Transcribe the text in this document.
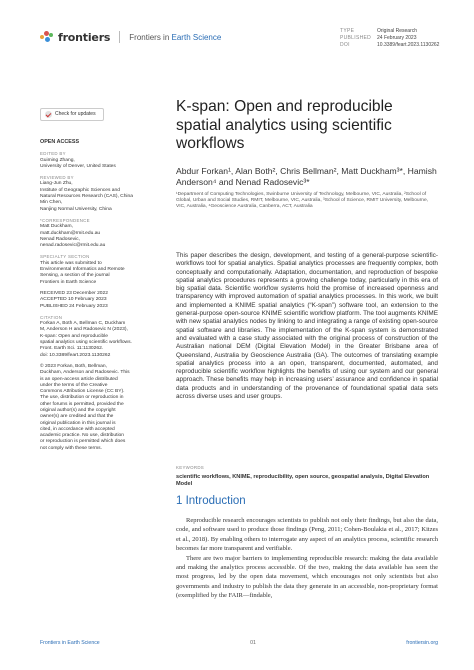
frontiers Frontiers in Earth Science
TYPE	Original Research
PUBLISHED	24 February 2023
DOI	10.3389/feart.2023.1130262
Check for updates
OPEN ACCESS
EDITED BY
Guiming Zhang,
University of Denver, United States
REVIEWED BY
Liang-Jun Zhu,
Institute of Geographic Sciences and
Natural Resources Research (CAS), China
Min Chen,
Nanjing Normal University, China
*CORRESPONDENCE
Matt Duckham,
matt.duckham@rmit.edu.au
Nenad Radosevic,
nenad.radosevic@rmit.edu.au
SPECIALTY SECTION
This article was submitted to
Environmental Informatics and Remote
Sensing, a section of the journal
Frontiers in Earth Science
RECEIVED 23 December 2022
ACCEPTED 10 February 2023
PUBLISHED 24 February 2023
CITATION
Forkan A, Both A, Bellman C, Duckham
M, Anderson H and Radosevic N (2023),
K-span: Open and reproducible
spatial analytics using scientific workflows.
Front. Earth Sci. 11:1130262.
doi: 10.3389/feart.2023.1130262
© 2023 Forkan, Both, Bellman,
Duckham, Anderson and Radosevic. This
is an open-access article distributed
under the terms of the Creative
Commons Attribution License (CC BY).
The use, distribution or reproduction in
other forums is permitted, provided the
original author(s) and the copyright
owner(s) are credited and that the
original publication in this journal is
cited, in accordance with accepted
academic practice. No use, distribution
or reproduction is permitted which does
not comply with these terms.
K-span: Open and reproducible spatial analytics using scientific workflows
Abdur Forkan¹, Alan Both², Chris Bellman², Matt Duckham³*, Hamish Anderson⁴ and Nenad Radosevic³*
¹Department of Computing Technologies, Swinburne University of Technology, Melbourne, VIC, Australia, ²School of Global, Urban and Social Studies, RMIT, Melbourne, VIC, Australia, ³School of Science, RMIT University, Melbourne, VIC, Australia, ⁴Geoscience Australia, Canberra, ACT, Australia
This paper describes the design, development, and testing of a general-purpose scientific-workflows tool for spatial analytics. Spatial analytics processes are frequently complex, both conceptually and computationally. Adaptation, documentation, and reproduction of bespoke spatial analytics procedures represents a growing challenge today, particularly in this era of big spatial data. Scientific workflow systems hold the promise of increased openness and transparency with improved automation of spatial analytics processes. In this work, we built and implemented a KNIME spatial analytics (“K-span”) software tool, an extension to the general-purpose open-source KNIME scientific workflow platform. The tool augments KNIME with new spatial analytics nodes by linking to and integrating a range of existing open-source spatial software and libraries. The implementation of the K-span system is demonstrated and evaluated with a case study associated with the original process of construction of the Australian national DEM (Digital Elevation Model) in the Greater Brisbane area of Queensland, Australia by Geoscience Australia (GA). The outcomes of translating example spatial analytics process into a an open, transparent, documented, automated, and reproducible scientific workflow highlights the benefits of using our system and our general approach. These benefits may help in increasing users’ assurance and confidence in spatial data products and in understanding of the provenance of foundational spatial data sets across diverse uses and user groups.
KEYWORDS
scientific workflows, KNIME, reproducibility, open source, geospatial analysis, Digital Elevation Model
1 Introduction

Reproducible research encourages scientists to publish not only their findings, but also the data, code, and software used to produce those findings (Peng, 2011; Cohen-Boulakia et al., 2017; Kitzes et al., 2018). By enabling others to interrogate any aspect of an analytics process, scientific research becomes far more transparent and verifiable.

There are two major barriers to implementing reproducible research: making the data available and making the analytics process accessible. Of the two, making the data available has seen the most progress, led by the open data movement, which encourages not only scientists but also governments and industry to publish the data they generate in an accessible, non-proprietary format (exemplified by the FAIR—findable,

Frontiers in Earth Science	01	frontiersin.org
